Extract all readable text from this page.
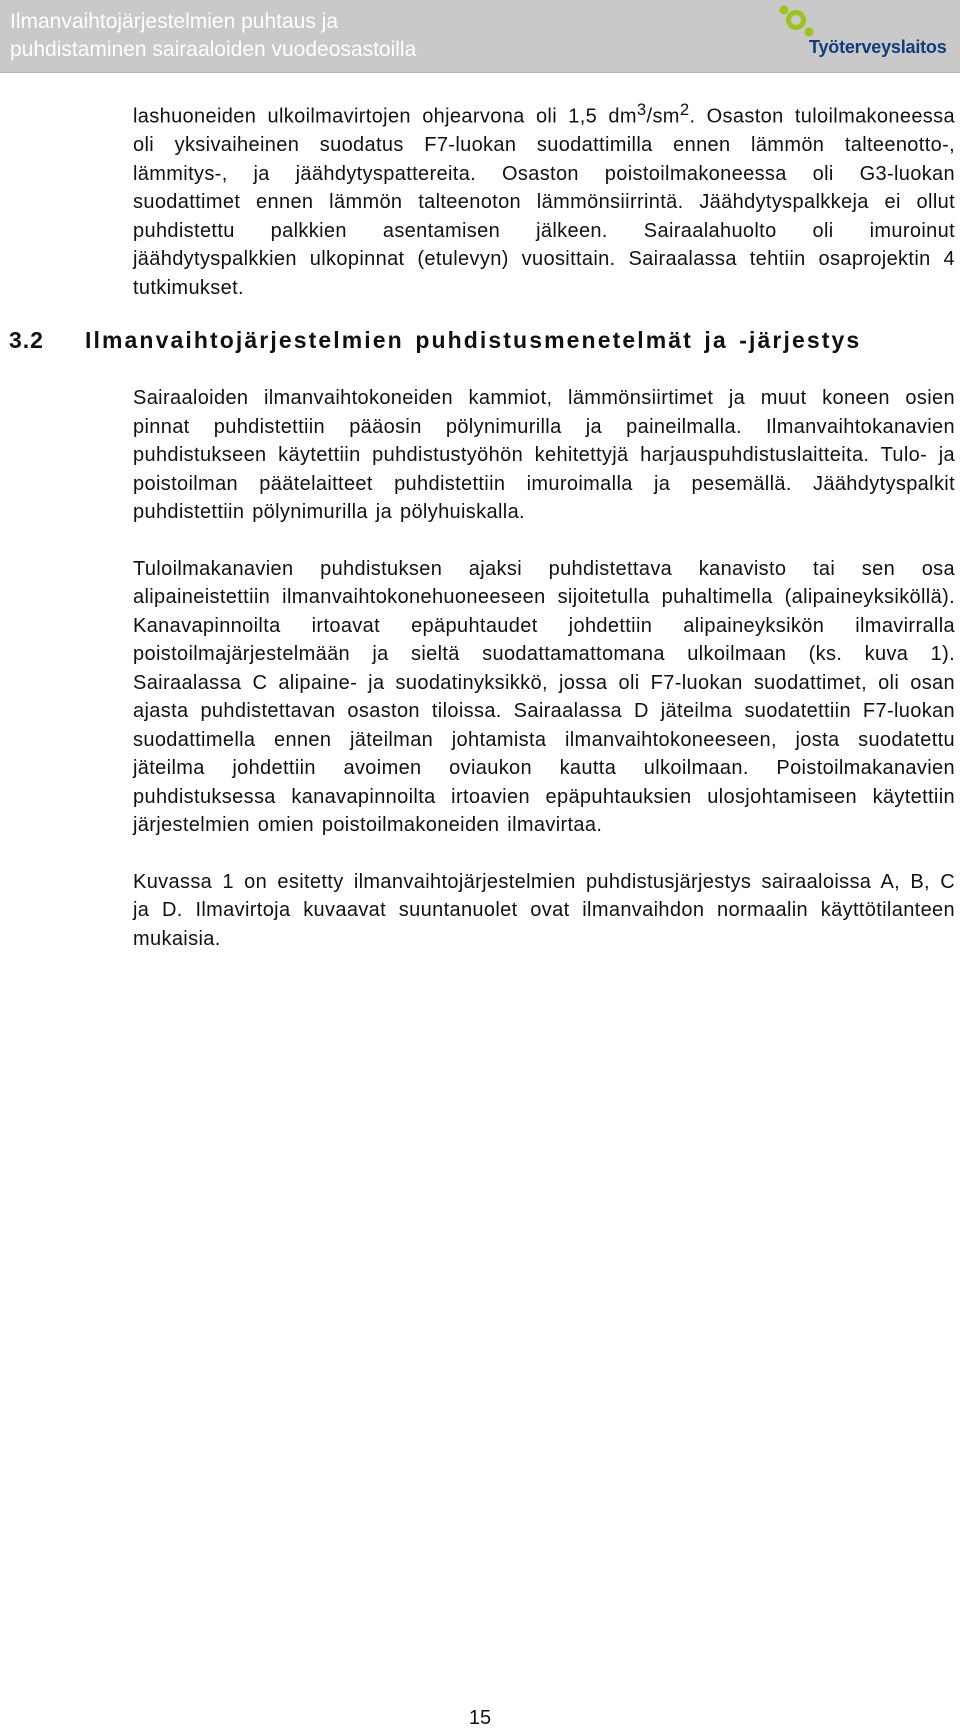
Ilmanvaihtojärjestelmien puhtaus ja
puhdistaminen sairaaloiden vuodeosastoilla	Työterveyslaitos

lashuoneiden ulkoilmavirtojen ohjearvona oli 1,5 $dm^3/sm^2$. Osaston tuloilmakoneessa oli yksivaiheinen suodatus F7-luokan suodattimilla ennen lämmön talteenotto-, lämmitys-, ja jäähdytyspattereita. Osaston poistoilmakoneessa oli G3-luokan suodattimet ennen lämmön talteenoton lämmönsiirrintä. Jäähdytyspalkkeja ei ollut puhdistettu palkkien asentamisen jälkeen. Sairaalahuolto oli imuroinut jäähdytyspalkkien ulkopinnat (etulevyn) vuosittain. Sairaalassa tehtiin osaprojektin 4 tutkimukset.

3.2 Ilmanvaihtojärjestelmien puhdistusmenetelmät ja -järjestys

Sairaaloiden ilmanvaihtokoneiden kammiot, lämmönsiirtimet ja muut koneen osien pinnat puhdistettiin pääosin pölynimurilla ja paineilmalla. Ilmanvaihtokanavien puhdistukseen käytettiin puhdistustyöhön kehitettyjä harjauspuhdistuslaitteita. Tulo- ja poistoilman päätelaitteet puhdistettiin imuroimalla ja pesemällä. Jäähdytyspalkit puhdistettiin pölynimurilla ja pölyhuiskalla.

Tuloilmakanavien puhdistuksen ajaksi puhdistettava kanavisto tai sen osa alipaineistettiin ilmanvaihtokonehuoneeseen sijoitetulla puhaltimella (alipaineyksiköllä). Kanavapinnoilta irtoavat epäpuhtaudet johdettiin alipaineyksikön ilmavirralla poistoilmajärjestelmään ja sieltä suodattamattomana ulkoilmaan (ks. kuva 1). Sairaalassa C alipaine- ja suodatinyksikkö, jossa oli F7-luokan suodattimet, oli osan ajasta puhdistettavan osaston tiloissa. Sairaalassa D jäteilma suodatettiin F7-luokan suodattimella ennen jäteilman johtamista ilmanvaihtokoneeseen, josta suodatettu jäteilma johdettiin avoimen oviaukon kautta ulkoilmaan. Poistoilmakanavien puhdistuksessa kanavapinnoilta irtoavien epäpuhtauksien ulosjohtamiseen käytettiin järjestelmien omien poistoilmakoneiden ilmavirtaa.

Kuvassa 1 on esitetty ilmanvaihtojärjestelmien puhdistusjärjestys sairaaloissa A, B, C ja D. Ilmavirtoja kuvaavat suuntanuolet ovat ilmanvaihdon normaalin käyttötilanteen mukaisia.

15
